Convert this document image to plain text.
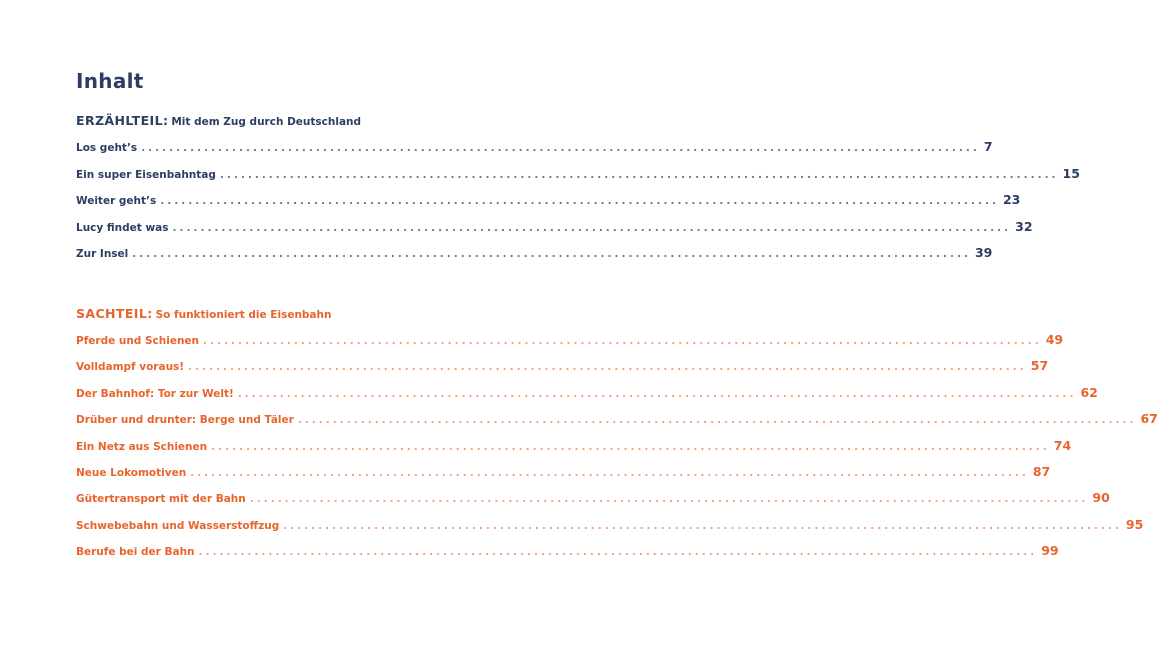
Inhalt
ERZÄHLTEIL: Mit dem Zug durch Deutschland
Los geht’s ........................................................................................................................ 7
Ein super Eisenbahntag ........................................................................................................................ 15
Weiter geht’s ........................................................................................................................ 23
Lucy findet was ........................................................................................................................ 32
Zur Insel ........................................................................................................................ 39
SACHTEIL: So funktioniert die Eisenbahn
Pferde und Schienen ........................................................................................................................ 49
Volldampf voraus! ........................................................................................................................ 57
Der Bahnhof: Tor zur Welt! ........................................................................................................................ 62
Drüber und drunter: Berge und Täler ........................................................................................................................ 67
Ein Netz aus Schienen ........................................................................................................................ 74
Neue Lokomotiven ........................................................................................................................ 87
Gütertransport mit der Bahn ........................................................................................................................ 90
Schwebebahn und Wasserstoffzug ........................................................................................................................ 95
Berufe bei der Bahn ........................................................................................................................ 99
